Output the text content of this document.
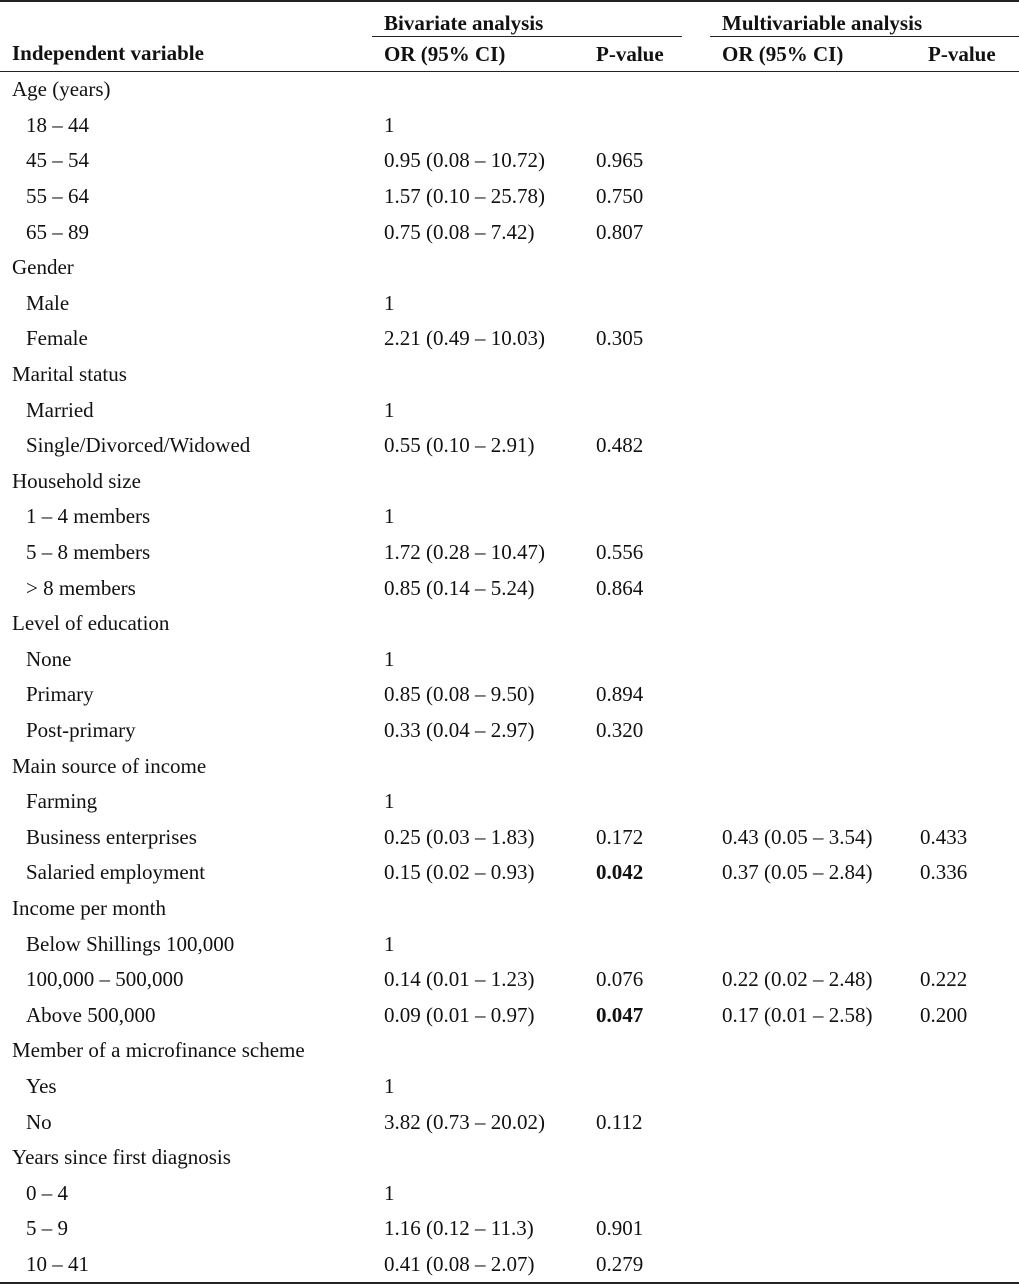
	Bivariate analysis			Multivariable analysis	
Independent variable	OR (95% CI)	P-value		OR (95% CI)	P-value
Age (years)					
18 – 44	1				
45 – 54	0.95 (0.08 – 10.72)	0.965			
55 – 64	1.57 (0.10 – 25.78)	0.750			
65 – 89	0.75 (0.08 – 7.42)	0.807			
Gender					
Male	1				
Female	2.21 (0.49 – 10.03)	0.305			
Marital status					
Married	1				
Single/Divorced/Widowed	0.55 (0.10 – 2.91)	0.482			
Household size					
1 – 4 members	1				
5 – 8 members	1.72 (0.28 – 10.47)	0.556			
> 8 members	0.85 (0.14 – 5.24)	0.864			
Level of education					
None	1				
Primary	0.85 (0.08 – 9.50)	0.894			
Post-primary	0.33 (0.04 – 2.97)	0.320			
Main source of income					
Farming	1				
Business enterprises	0.25 (0.03 – 1.83)	0.172		0.43 (0.05 – 3.54)	0.433
Salaried employment	0.15 (0.02 – 0.93)	0.042		0.37 (0.05 – 2.84)	0.336
Income per month					
Below Shillings 100,000	1				
100,000 – 500,000	0.14 (0.01 – 1.23)	0.076		0.22 (0.02 – 2.48)	0.222
Above 500,000	0.09 (0.01 – 0.97)	0.047		0.17 (0.01 – 2.58)	0.200
Member of a microfinance scheme					
Yes	1				
No	3.82 (0.73 – 20.02)	0.112			
Years since first diagnosis					
0 – 4	1				
5 – 9	1.16 (0.12 – 11.3)	0.901			
10 – 41	0.41 (0.08 – 2.07)	0.279			
